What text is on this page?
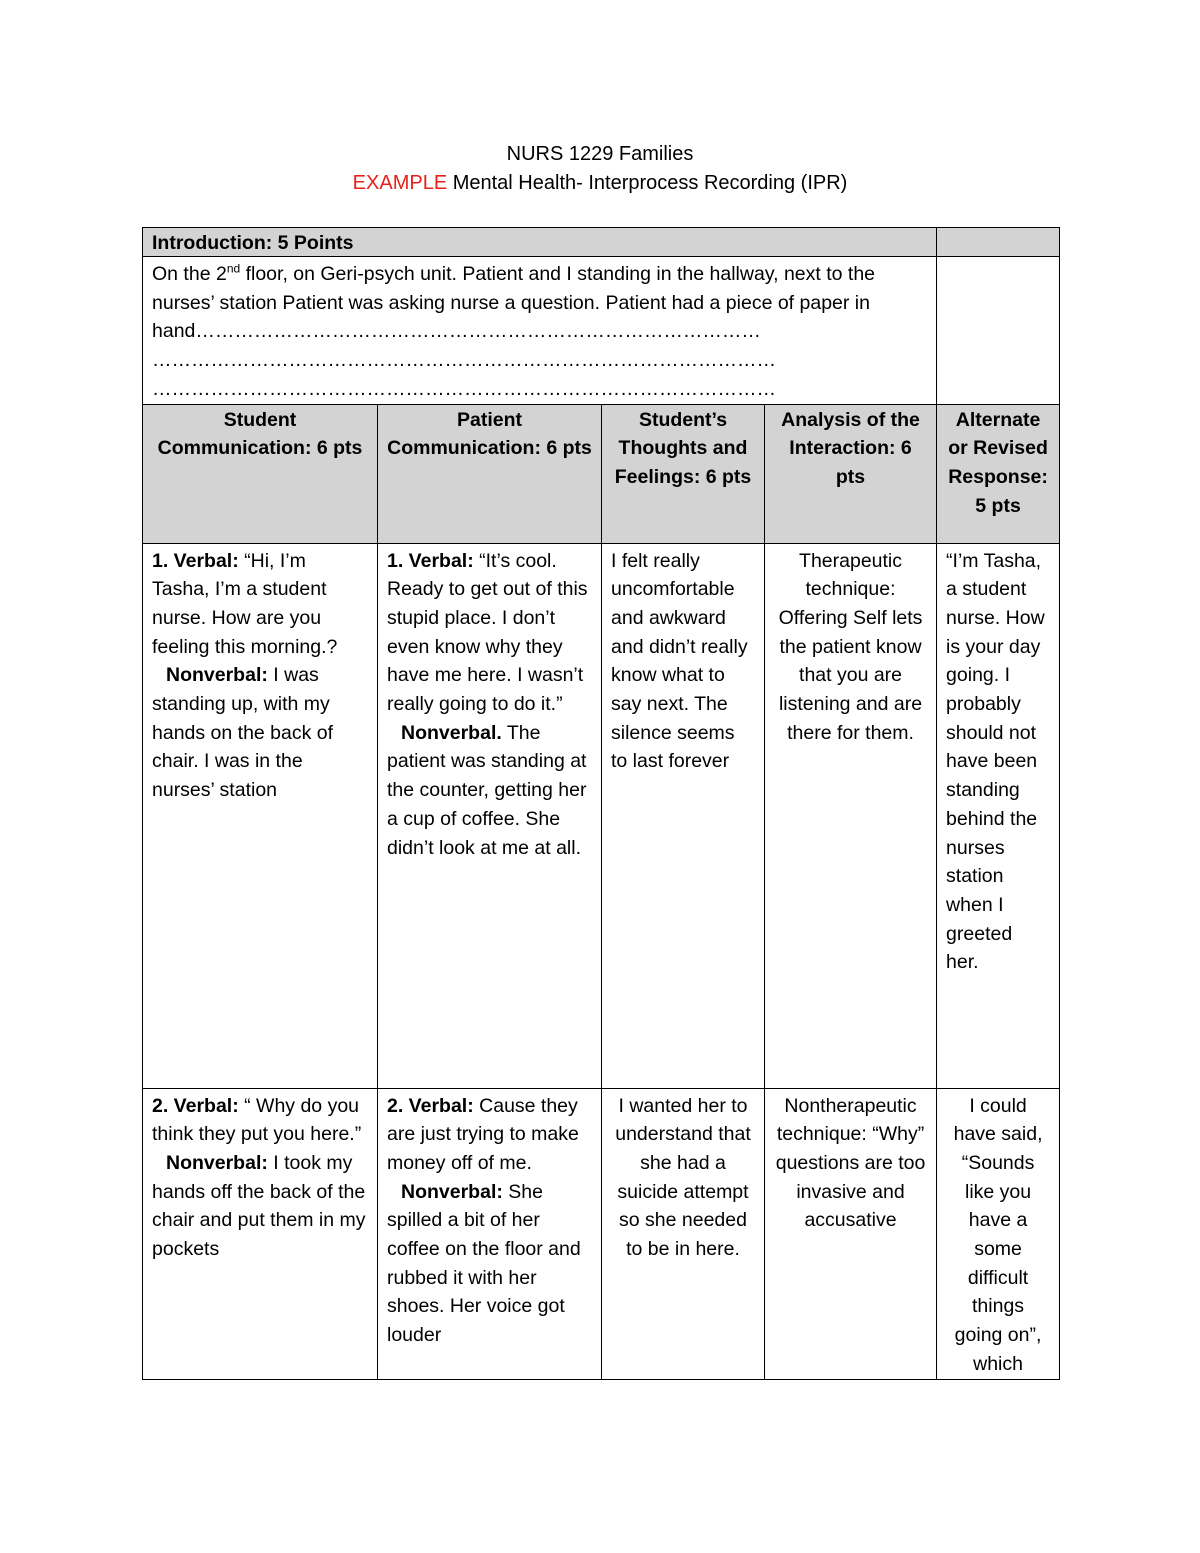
NURS 1229 Families
EXAMPLE Mental Health- Interprocess Recording (IPR)
Introduction: 5 Points				
On the 2nd floor, on Geri-psych unit. Patient and I standing in the hallway, next to the nurses’ station Patient was asking nurse a question. Patient had a piece of paper in hand……………………………………………………………………………
……………………………………………………………………………………
……………………………………………………………………………………				
Student Communication: 6 pts	Patient Communication: 6 pts	Student’s Thoughts and Feelings: 6 pts	Analysis of the Interaction: 6 pts	Alternate or Revised Response: 5 pts
1. Verbal: “Hi, I’m Tasha, I’m a student nurse. How are you feeling this morning.?
Nonverbal: I was standing up, with my hands on the back of chair. I was in the nurses’ station	1. Verbal: “It’s cool. Ready to get out of this stupid place. I don’t even know why they have me here. I wasn’t really going to do it.”
Nonverbal. The patient was standing at the counter, getting her a cup of coffee. She didn’t look at me at all.	I felt really uncomfortable and awkward and didn’t really know what to say next. The silence seems to last forever	Therapeutic technique: Offering Self lets the patient know that you are listening and are there for them.	“I’m Tasha, a student nurse. How is your day going. I probably should not have been standing behind the nurses station when I greeted her.
2. Verbal: “ Why do you think they put you here.”
Nonverbal: I took my hands off the back of the chair and put them in my pockets	2. Verbal: Cause they are just trying to make money off of me.
Nonverbal: She spilled a bit of her coffee on the floor and rubbed it with her shoes. Her voice got louder	I wanted her to understand that she had a suicide attempt so she needed to be in here.	Nontherapeutic technique: “Why” questions are too invasive and accusative	I could have said, “Sounds like you have a some difficult things going on”, which
